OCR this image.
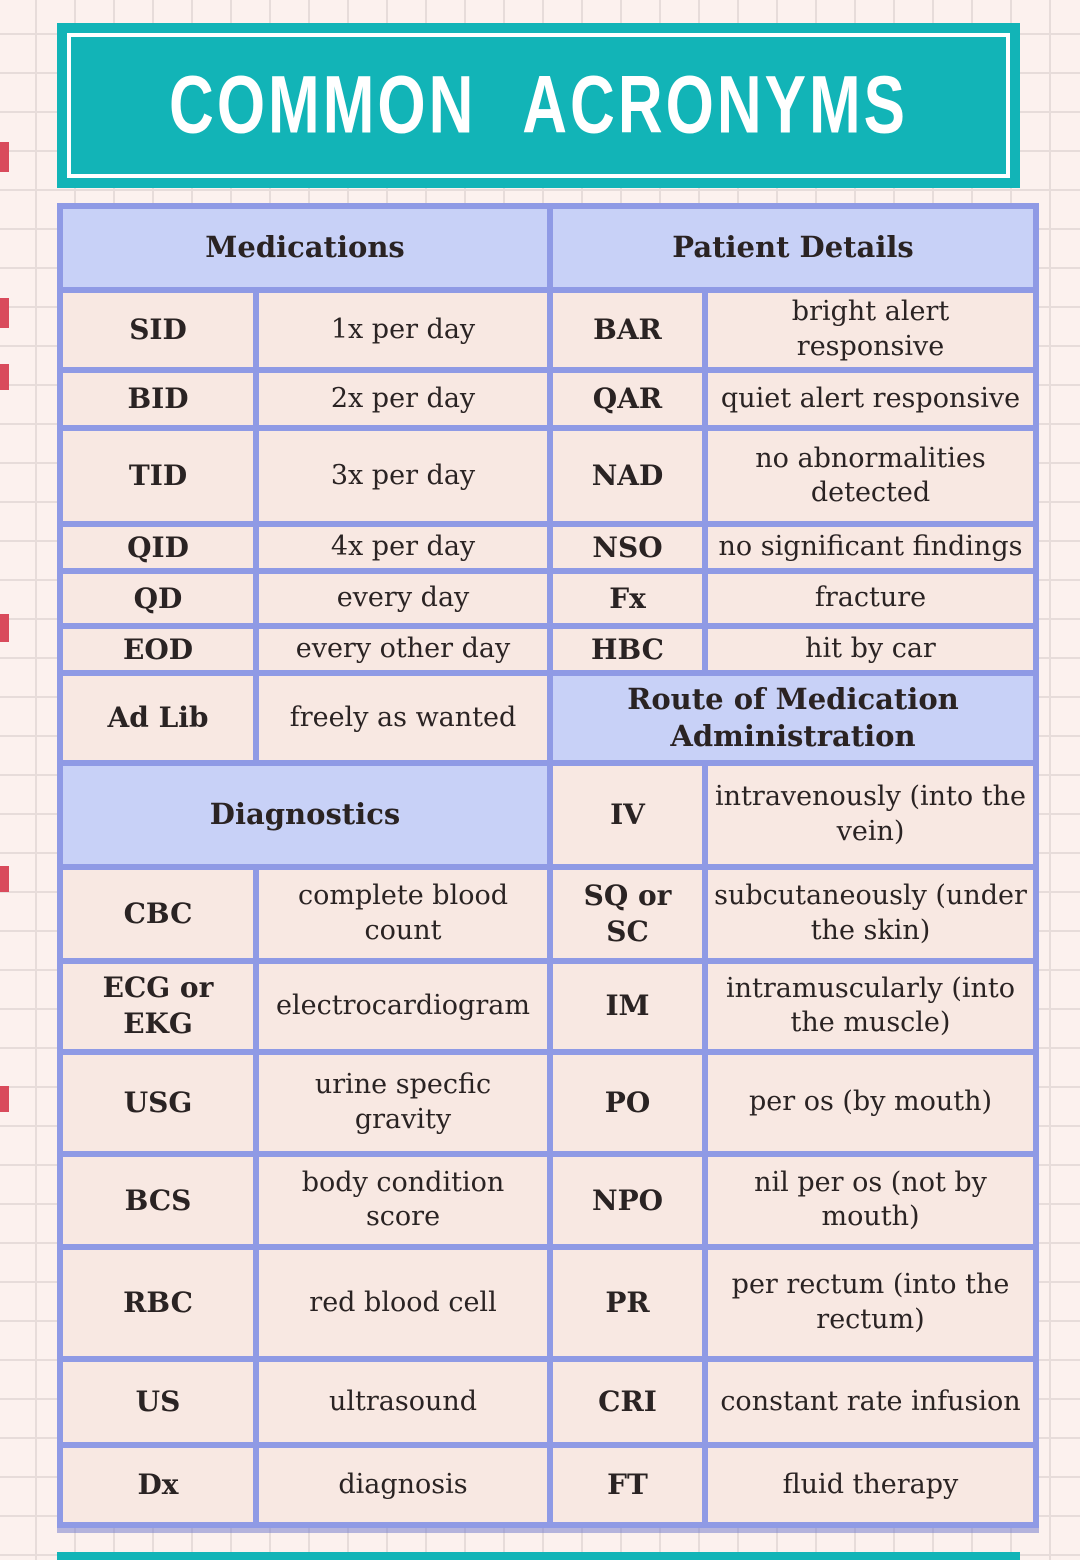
COMMON ACRONYMS
Medications		Patient Details	
SID	1x per day	BAR	bright alert responsive
BID	2x per day	QAR	quiet alert responsive
TID	3x per day	NAD	no abnormalities detected
QID	4x per day	NSO	no significant findings
QD	every day	Fx	fracture
EOD	every other day	HBC	hit by car
Ad Lib	freely as wanted	Route of Medication Administration	
Diagnostics		IV	intravenously (into the vein)
CBC	complete blood count	SQ or SC	subcutaneously (under the skin)
ECG or EKG	electrocardiogram	IM	intramuscularly (into the muscle)
USG	urine specfic gravity	PO	per os (by mouth)
BCS	body condition score	NPO	nil per os (not by mouth)
RBC	red blood cell	PR	per rectum (into the rectum)
US	ultrasound	CRI	constant rate infusion
Dx	diagnosis	FT	fluid therapy
